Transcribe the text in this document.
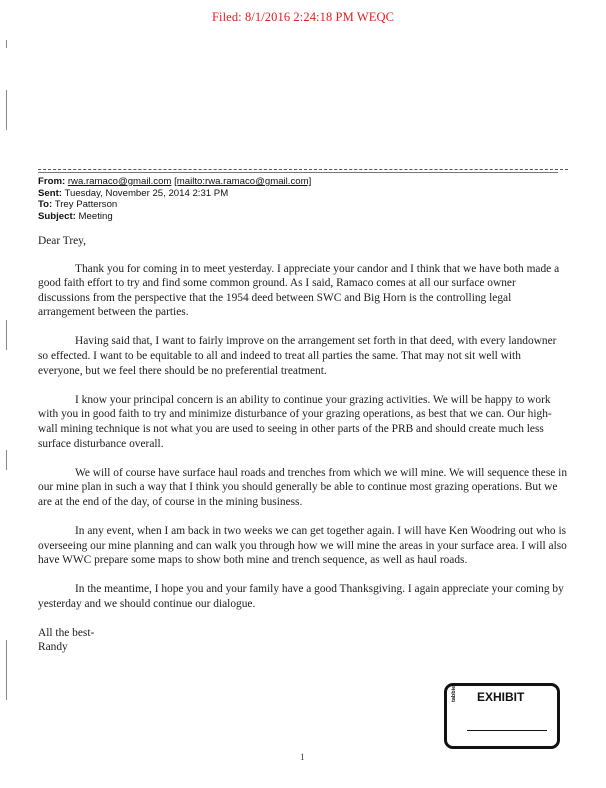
Filed: 8/1/2016 2:24:18 PM WEQC
From: rwa.ramaco@gmail.com [mailto:rwa.ramaco@gmail.com]
Sent: Tuesday, November 25, 2014 2:31 PM
To: Trey Patterson
Subject: Meeting

Dear Trey,

Thank you for coming in to meet yesterday. I appreciate your candor and I think that we have both made a good faith effort to try and find some common ground. As I said, Ramaco comes at all our surface owner discussions from the perspective that the 1954 deed between SWC and Big Horn is the controlling legal arrangement between the parties.

Having said that, I want to fairly improve on the arrangement set forth in that deed, with every landowner so effected. I want to be equitable to all and indeed to treat all parties the same. That may not sit well with everyone, but we feel there should be no preferential treatment.

I know your principal concern is an ability to continue your grazing activities. We will be happy to work with you in good faith to try and minimize disturbance of your grazing operations, as best that we can. Our high-wall mining technique is not what you are used to seeing in other parts of the PRB and should create much less surface disturbance overall.

We will of course have surface haul roads and trenches from which we will mine. We will sequence these in our mine plan in such a way that I think you should generally be able to continue most grazing operations. But we are at the end of the day, of course in the mining business.

In any event, when I am back in two weeks we can get together again. I will have Ken Woodring out who is overseeing our mine planning and can walk you through how we will mine the areas in your surface area. I will also have WWC prepare some maps to show both mine and trench sequence, as well as haul roads.

In the meantime, I hope you and your family have a good Thanksgiving. I again appreciate your coming by yesterday and we should continue our dialogue.

All the best-

Randy

EXHIBIT
tabbies
1
